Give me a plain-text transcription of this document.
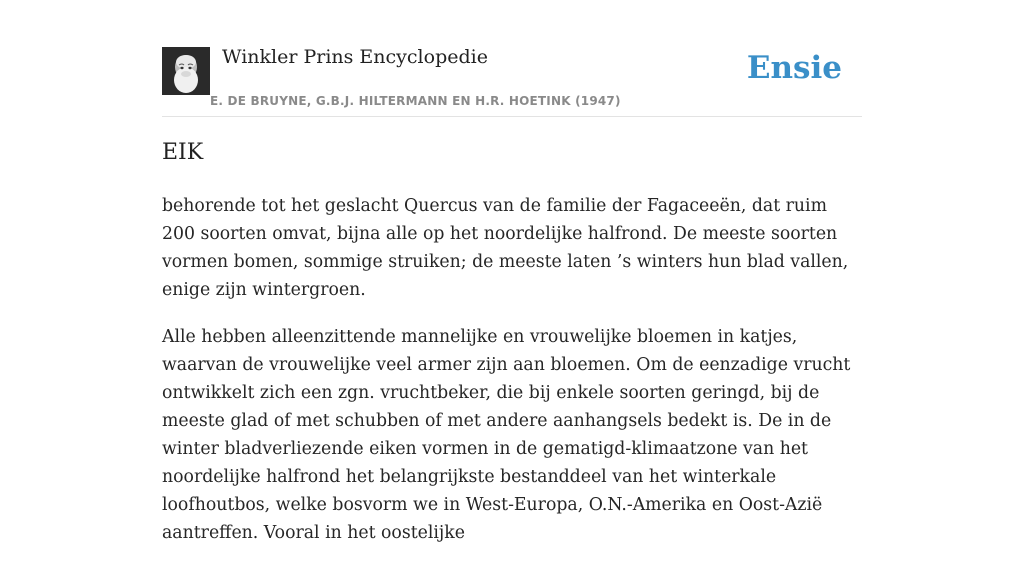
Winkler Prins Encyclopedie
E. DE BRUYNE, G.B.J. HILTERMANN EN H.R. HOETINK (1947)
Ensie
EIK

behorende tot het geslacht Quercus van de familie der Fagaceeën, dat ruim 200 soorten omvat, bijna alle op het noordelijke halfrond. De meeste soorten vormen bomen, sommige struiken; de meeste laten ’s winters hun blad vallen, enige zijn wintergroen.

Alle hebben alleenzittende mannelijke en vrouwelijke bloemen in katjes, waarvan de vrouwelijke veel armer zijn aan bloemen. Om de eenzadige vrucht ontwikkelt zich een zgn. vruchtbeker, die bij enkele soorten geringd, bij de meeste glad of met schubben of met andere aanhangsels bedekt is. De in de winter bladverliezende eiken vormen in de gematigd-klimaatzone van het noordelijke halfrond het belangrijkste bestanddeel van het winterkale loofhoutbos, welke bosvorm we in West-Europa, O.N.-Amerika en Oost-Azië aantreffen. Vooral in het oostelijke
